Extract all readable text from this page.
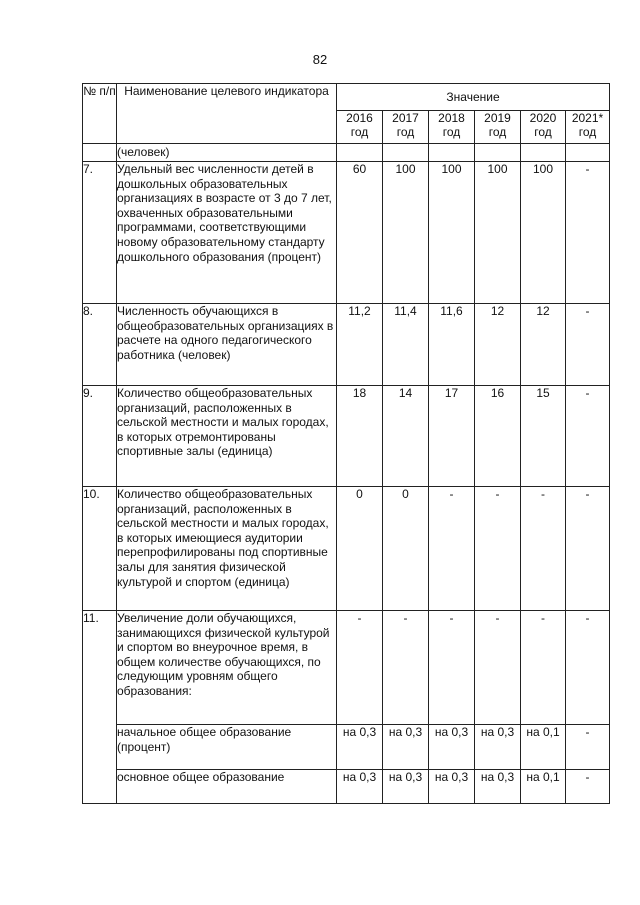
82
№ п/п	Наименование целевого индикатора	Значение					
		2016 год	2017 год	2018 год	2019 год	2020 год	2021* год
	(человек)						
7.	Удельный вес численности детей в дошкольных образовательных организациях в возрасте от 3 до 7 лет, охваченных образовательными программами, соответствующими новому образовательному стандарту дошкольного образования (процент)	60	100	100	100	100	-
8.	Численность обучающихся в общеобразовательных организациях в расчете на одного педагогического работника (человек)	11,2	11,4	11,6	12	12	-
9.	Количество общеобразовательных организаций, расположенных в сельской местности и малых городах, в которых отремонтированы спортивные залы (единица)	18	14	17	16	15	-
10.	Количество общеобразовательных организаций, расположенных в сельской местности и малых городах, в которых имеющиеся аудитории перепрофилированы под спортивные залы для занятия физической культурой и спортом (единица)	0	0	-	-	-	-
11.	Увеличение доли обучающихся, занимающихся физической культурой и спортом во внеурочное время, в общем количестве обучающихся, по следующим уровням общего образования:	-	-	-	-	-	-
	начальное общее образование (процент)	на 0,3	на 0,3	на 0,3	на 0,3	на 0,1	-
	основное общее образование	на 0,3	на 0,3	на 0,3	на 0,3	на 0,1	-
